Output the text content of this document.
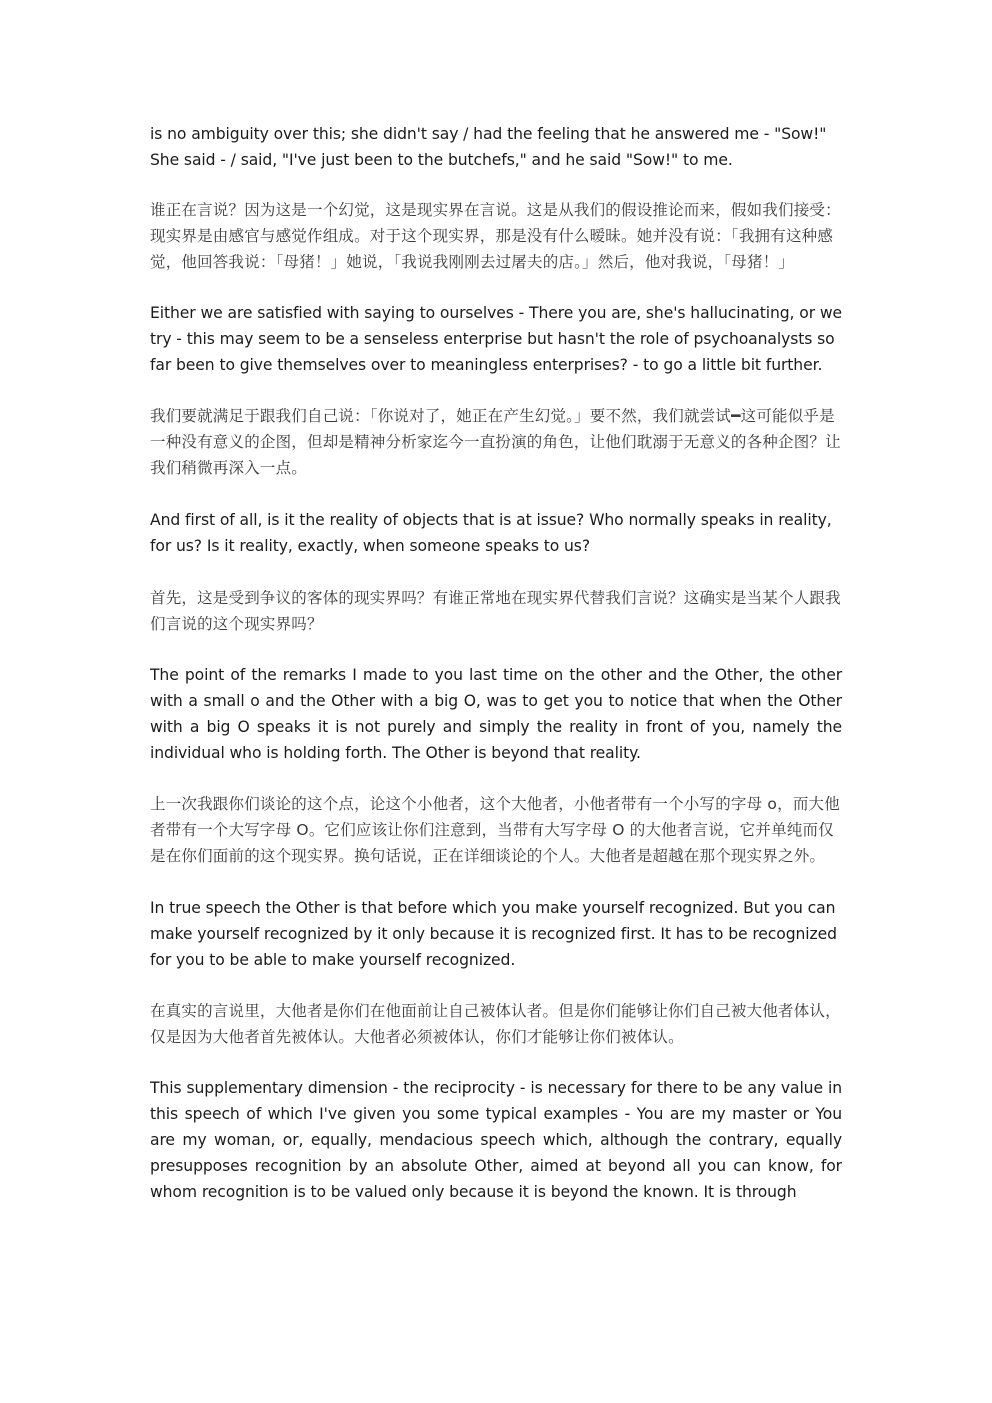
is no ambiguity over this; she didn't say / had the feeling that he answered me - "Sow!" She said - / said, "I've just been to the butchefs," and he said "Sow!" to me.

谁正在言说？因为这是一个幻觉，这是现实界在言说。这是从我们的假设推论而来，假如我们接受：现实界是由感官与感觉作组成。对于这个现实界，那是没有什么暧昧。她并没有说：「我拥有这种感觉，他回答我说：「母猪！」她说，「我说我刚刚去过屠夫的店。」然后，他对我说，「母猪！」

Either we are satisfied with saying to ourselves - There you are, she's hallucinating, or we try - this may seem to be a senseless enterprise but hasn't the role of psychoanalysts so far been to give themselves over to meaningless enterprises? - to go a little bit further.

我们要就满足于跟我们自己说：「你说对了，她正在产生幻觉。」要不然，我们就尝试━这可能似乎是一种没有意义的企图，但却是精神分析家迄今一直扮演的角色，让他们耽溺于无意义的各种企图？让我们稍微再深入一点。

And first of all, is it the reality of objects that is at issue? Who normally speaks in reality, for us? Is it reality, exactly, when someone speaks to us?

首先，这是受到争议的客体的现实界吗？有谁正常地在现实界代替我们言说？这确实是当某个人跟我们言说的这个现实界吗？

The point of the remarks I made to you last time on the other and the Other, the other with a small o and the Other with a big O, was to get you to notice that when the Other with a big O speaks it is not purely and simply the reality in front of you, namely the individual who is holding forth. The Other is beyond that reality.

上一次我跟你们谈论的这个点，论这个小他者，这个大他者，小他者带有一个小写的字母 o，而大他者带有一个大写字母 O。它们应该让你们注意到，当带有大写字母 O 的大他者言说，它并单纯而仅是在你们面前的这个现实界。换句话说，正在详细谈论的个人。大他者是超越在那个现实界之外。

In true speech the Other is that before which you make yourself recognized. But you can make yourself recognized by it only because it is recognized first. It has to be recognized for you to be able to make yourself recognized.

在真实的言说里，大他者是你们在他面前让自己被体认者。但是你们能够让你们自己被大他者体认，仅是因为大他者首先被体认。大他者必须被体认，你们才能够让你们被体认。

This supplementary dimension - the reciprocity - is necessary for there to be any value in this speech of which I've given you some typical examples - You are my master or You are my woman, or, equally, mendacious speech which, although the contrary, equally presupposes recognition by an absolute Other, aimed at beyond all you can know, for whom recognition is to be valued only because it is beyond the known. It is through
